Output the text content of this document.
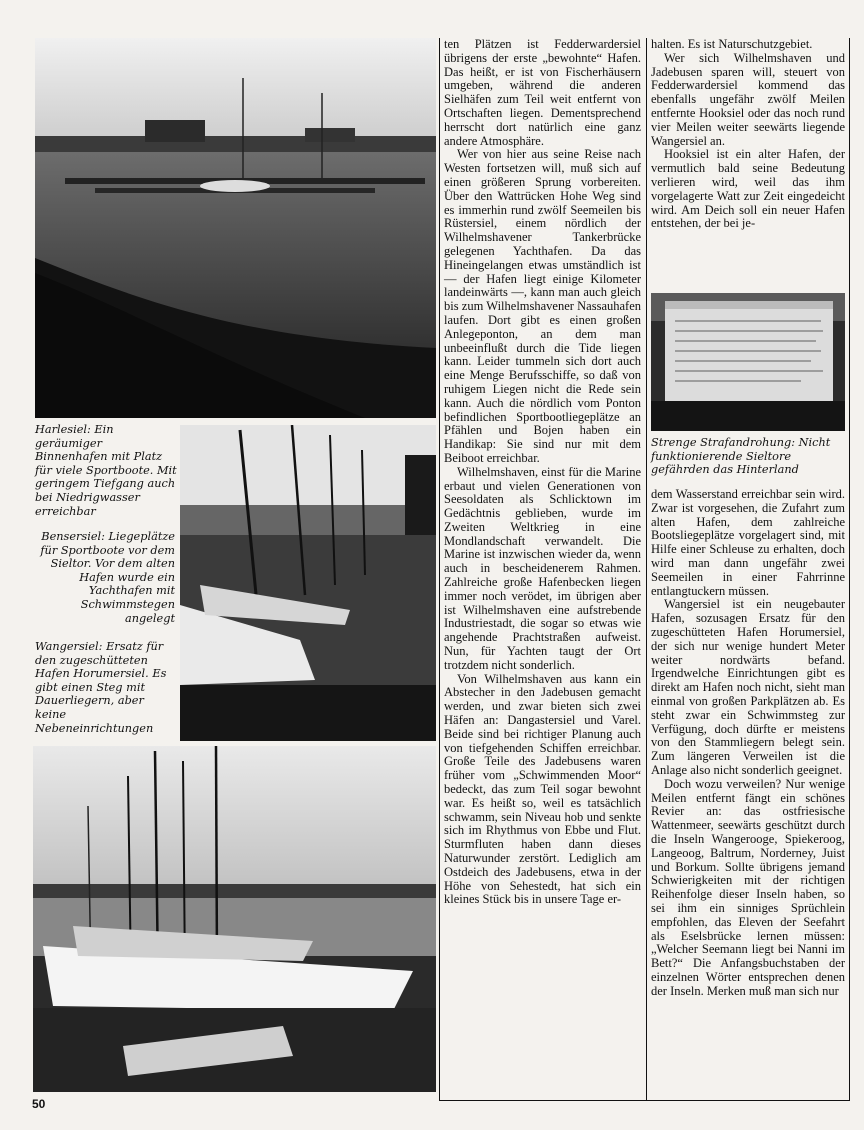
Harlesiel: Ein geräumiger Binnenhafen mit Platz für viele Sportboote. Mit geringem Tiefgang auch bei Niedrigwasser erreichbar

Bensersiel: Liegeplätze für Sportboote vor dem Sieltor. Vor dem alten Hafen wurde ein Yachthafen mit Schwimmstegen angelegt

Wangersiel: Ersatz für den zugeschütteten Hafen Horumersiel. Es gibt einen Steg mit Dauerliegern, aber keine Nebeneinrichtungen

ten Plätzen ist Fedderwardersiel übrigens der erste „bewohnte“ Hafen. Das heißt, er ist von Fischerhäusern umgeben, während die anderen Sielhäfen zum Teil weit entfernt von Ortschaften liegen. Dementsprechend herrscht dort natürlich eine ganz andere Atmosphäre.

Wer von hier aus seine Reise nach Westen fortsetzen will, muß sich auf einen größeren Sprung vorbereiten. Über den Wattrücken Hohe Weg sind es immerhin rund zwölf Seemeilen bis Rüstersiel, einem nördlich der Wilhelmshavener Tankerbrücke gelegenen Yachthafen. Da das Hineingelangen etwas umständlich ist — der Hafen liegt einige Kilometer landeinwärts —, kann man auch gleich bis zum Wilhelmshavener Nassauhafen laufen. Dort gibt es einen großen Anlegeponton, an dem man unbeeinflußt durch die Tide liegen kann. Leider tummeln sich dort auch eine Menge Berufsschiffe, so daß von ruhigem Liegen nicht die Rede sein kann. Auch die nördlich vom Ponton befindlichen Sportbootliegeplätze an Pfählen und Bojen haben ein Handikap: Sie sind nur mit dem Beiboot erreichbar.

Wilhelmshaven, einst für die Marine erbaut und vielen Generationen von Seesoldaten als Schlicktown im Gedächtnis geblieben, wurde im Zweiten Weltkrieg in eine Mondlandschaft verwandelt. Die Marine ist inzwischen wieder da, wenn auch in bescheidenerem Rahmen. Zahlreiche große Hafenbecken liegen immer noch verödet, im übrigen aber ist Wilhelmshaven eine aufstrebende Industriestadt, die sogar so etwas wie angehende Prachtstraßen aufweist. Nun, für Yachten taugt der Ort trotzdem nicht sonderlich.

Von Wilhelmshaven aus kann ein Abstecher in den Jadebusen gemacht werden, und zwar bieten sich zwei Häfen an: Dangastersiel und Varel. Beide sind bei richtiger Planung auch von tiefgehenden Schiffen erreichbar. Große Teile des Jadebusens waren früher vom „Schwimmenden Moor“ bedeckt, das zum Teil sogar bewohnt war. Es heißt so, weil es tatsächlich schwamm, sein Niveau hob und senkte sich im Rhythmus von Ebbe und Flut. Sturmfluten haben dann dieses Naturwunder zerstört. Lediglich am Ostdeich des Jadebusens, etwa in der Höhe von Sehestedt, hat sich ein kleines Stück bis in unsere Tage er-

halten. Es ist Naturschutzgebiet.

Wer sich Wilhelmshaven und Jadebusen sparen will, steuert von Fedderwardersiel kommend das ebenfalls ungefähr zwölf Meilen entfernte Hooksiel oder das noch rund vier Meilen weiter seewärts liegende Wangersiel an.

Hooksiel ist ein alter Hafen, der vermutlich bald seine Bedeutung verlieren wird, weil das ihm vorgelagerte Watt zur Zeit eingedeicht wird. Am Deich soll ein neuer Hafen entstehen, der bei je-

Strenge Strafandrohung: Nicht funktionierende Sieltore gefährden das Hinterland

dem Wasserstand erreichbar sein wird. Zwar ist vorgesehen, die Zufahrt zum alten Hafen, dem zahlreiche Bootsliegeplätze vorgelagert sind, mit Hilfe einer Schleuse zu erhalten, doch wird man dann ungefähr zwei Seemeilen in einer Fahrrinne entlangtuckern müssen.

Wangersiel ist ein neugebauter Hafen, sozusagen Ersatz für den zugeschütteten Hafen Horumersiel, der sich nur wenige hundert Meter weiter nordwärts befand. Irgendwelche Einrichtungen gibt es direkt am Hafen noch nicht, sieht man einmal von großen Parkplätzen ab. Es steht zwar ein Schwimmsteg zur Verfügung, doch dürfte er meistens von den Stammliegern belegt sein. Zum längeren Verweilen ist die Anlage also nicht sonderlich geeignet.

Doch wozu verweilen? Nur wenige Meilen entfernt fängt ein schönes Revier an: das ostfriesische Wattenmeer, seewärts geschützt durch die Inseln Wangerooge, Spiekeroog, Langeoog, Baltrum, Norderney, Juist und Borkum. Sollte übrigens jemand Schwierigkeiten mit der richtigen Reihenfolge dieser Inseln haben, so sei ihm ein sinniges Sprüchlein empfohlen, das Eleven der Seefahrt als Eselsbrücke lernen müssen: „Welcher Seemann liegt bei Nanni im Bett?“ Die Anfangsbuchstaben der einzelnen Wörter entsprechen denen der Inseln. Merken muß man sich nur

50
